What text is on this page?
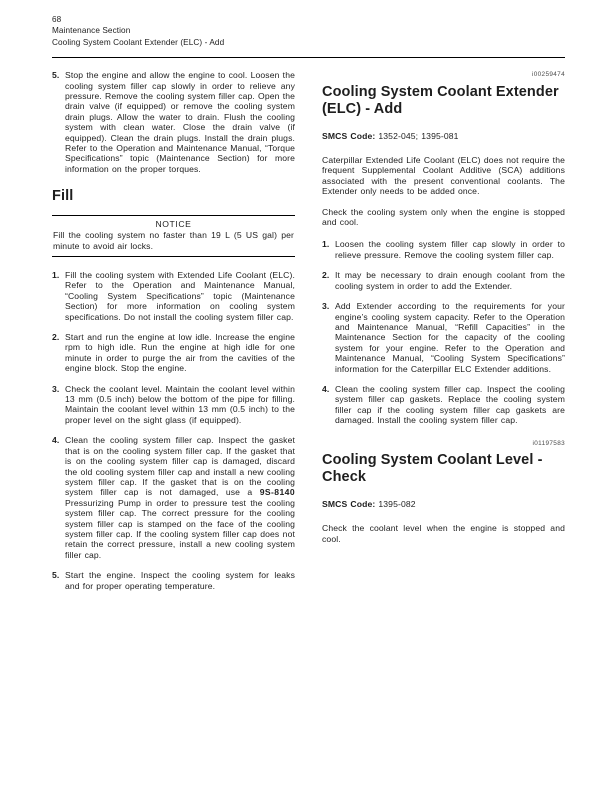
68
Maintenance Section
Cooling System Coolant Extender (ELC) - Add
5. Stop the engine and allow the engine to cool. Loosen the cooling system filler cap slowly in order to relieve any pressure. Remove the cooling system filler cap. Open the drain valve (if equipped) or remove the cooling system drain plugs. Allow the water to drain. Flush the cooling system with clean water. Close the drain valve (if equipped). Clean the drain plugs. Install the drain plugs. Refer to the Operation and Maintenance Manual, “Torque Specifications” topic (Maintenance Section) for more information on the proper torques.
Fill
NOTICE
Fill the cooling system no faster than 19 L (5 US gal) per minute to avoid air locks.
1. Fill the cooling system with Extended Life Coolant (ELC). Refer to the Operation and Maintenance Manual, “Cooling System Specifications” topic (Maintenance Section) for more information on cooling system specifications. Do not install the cooling system filler cap.
2. Start and run the engine at low idle. Increase the engine rpm to high idle. Run the engine at high idle for one minute in order to purge the air from the cavities of the engine block. Stop the engine.
3. Check the coolant level. Maintain the coolant level within 13 mm (0.5 inch) below the bottom of the pipe for filling. Maintain the coolant level within 13 mm (0.5 inch) to the proper level on the sight glass (if equipped).
4. Clean the cooling system filler cap. Inspect the gasket that is on the cooling system filler cap. If the gasket that is on the cooling system filler cap is damaged, discard the old cooling system filler cap and install a new cooling system filler cap. If the gasket that is on the cooling system filler cap is not damaged, use a 9S-8140 Pressurizing Pump in order to pressure test the cooling system filler cap. The correct pressure for the cooling system filler cap is stamped on the face of the cooling system filler cap. If the cooling system filler cap does not retain the correct pressure, install a new cooling system filler cap.
5. Start the engine. Inspect the cooling system for leaks and for proper operating temperature.
i00259474
Cooling System Coolant Extender (ELC) - Add
SMCS Code: 1352-045; 1395-081
Caterpillar Extended Life Coolant (ELC) does not require the frequent Supplemental Coolant Additive (SCA) additions associated with the present conventional coolants. The Extender only needs to be added once.
Check the cooling system only when the engine is stopped and cool.
1. Loosen the cooling system filler cap slowly in order to relieve pressure. Remove the cooling system filler cap.
2. It may be necessary to drain enough coolant from the cooling system in order to add the Extender.
3. Add Extender according to the requirements for your engine’s cooling system capacity. Refer to the Operation and Maintenance Manual, “Refill Capacities” in the Maintenance Section for the capacity of the cooling system for your engine. Refer to the Operation and Maintenance Manual, “Cooling System Specifications” information for the Caterpillar ELC Extender additions.
4. Clean the cooling system filler cap. Inspect the cooling system filler cap gaskets. Replace the cooling system filler cap if the cooling system filler cap gaskets are damaged. Install the cooling system filler cap.
i01197583
Cooling System Coolant Level - Check
SMCS Code: 1395-082
Check the coolant level when the engine is stopped and cool.
